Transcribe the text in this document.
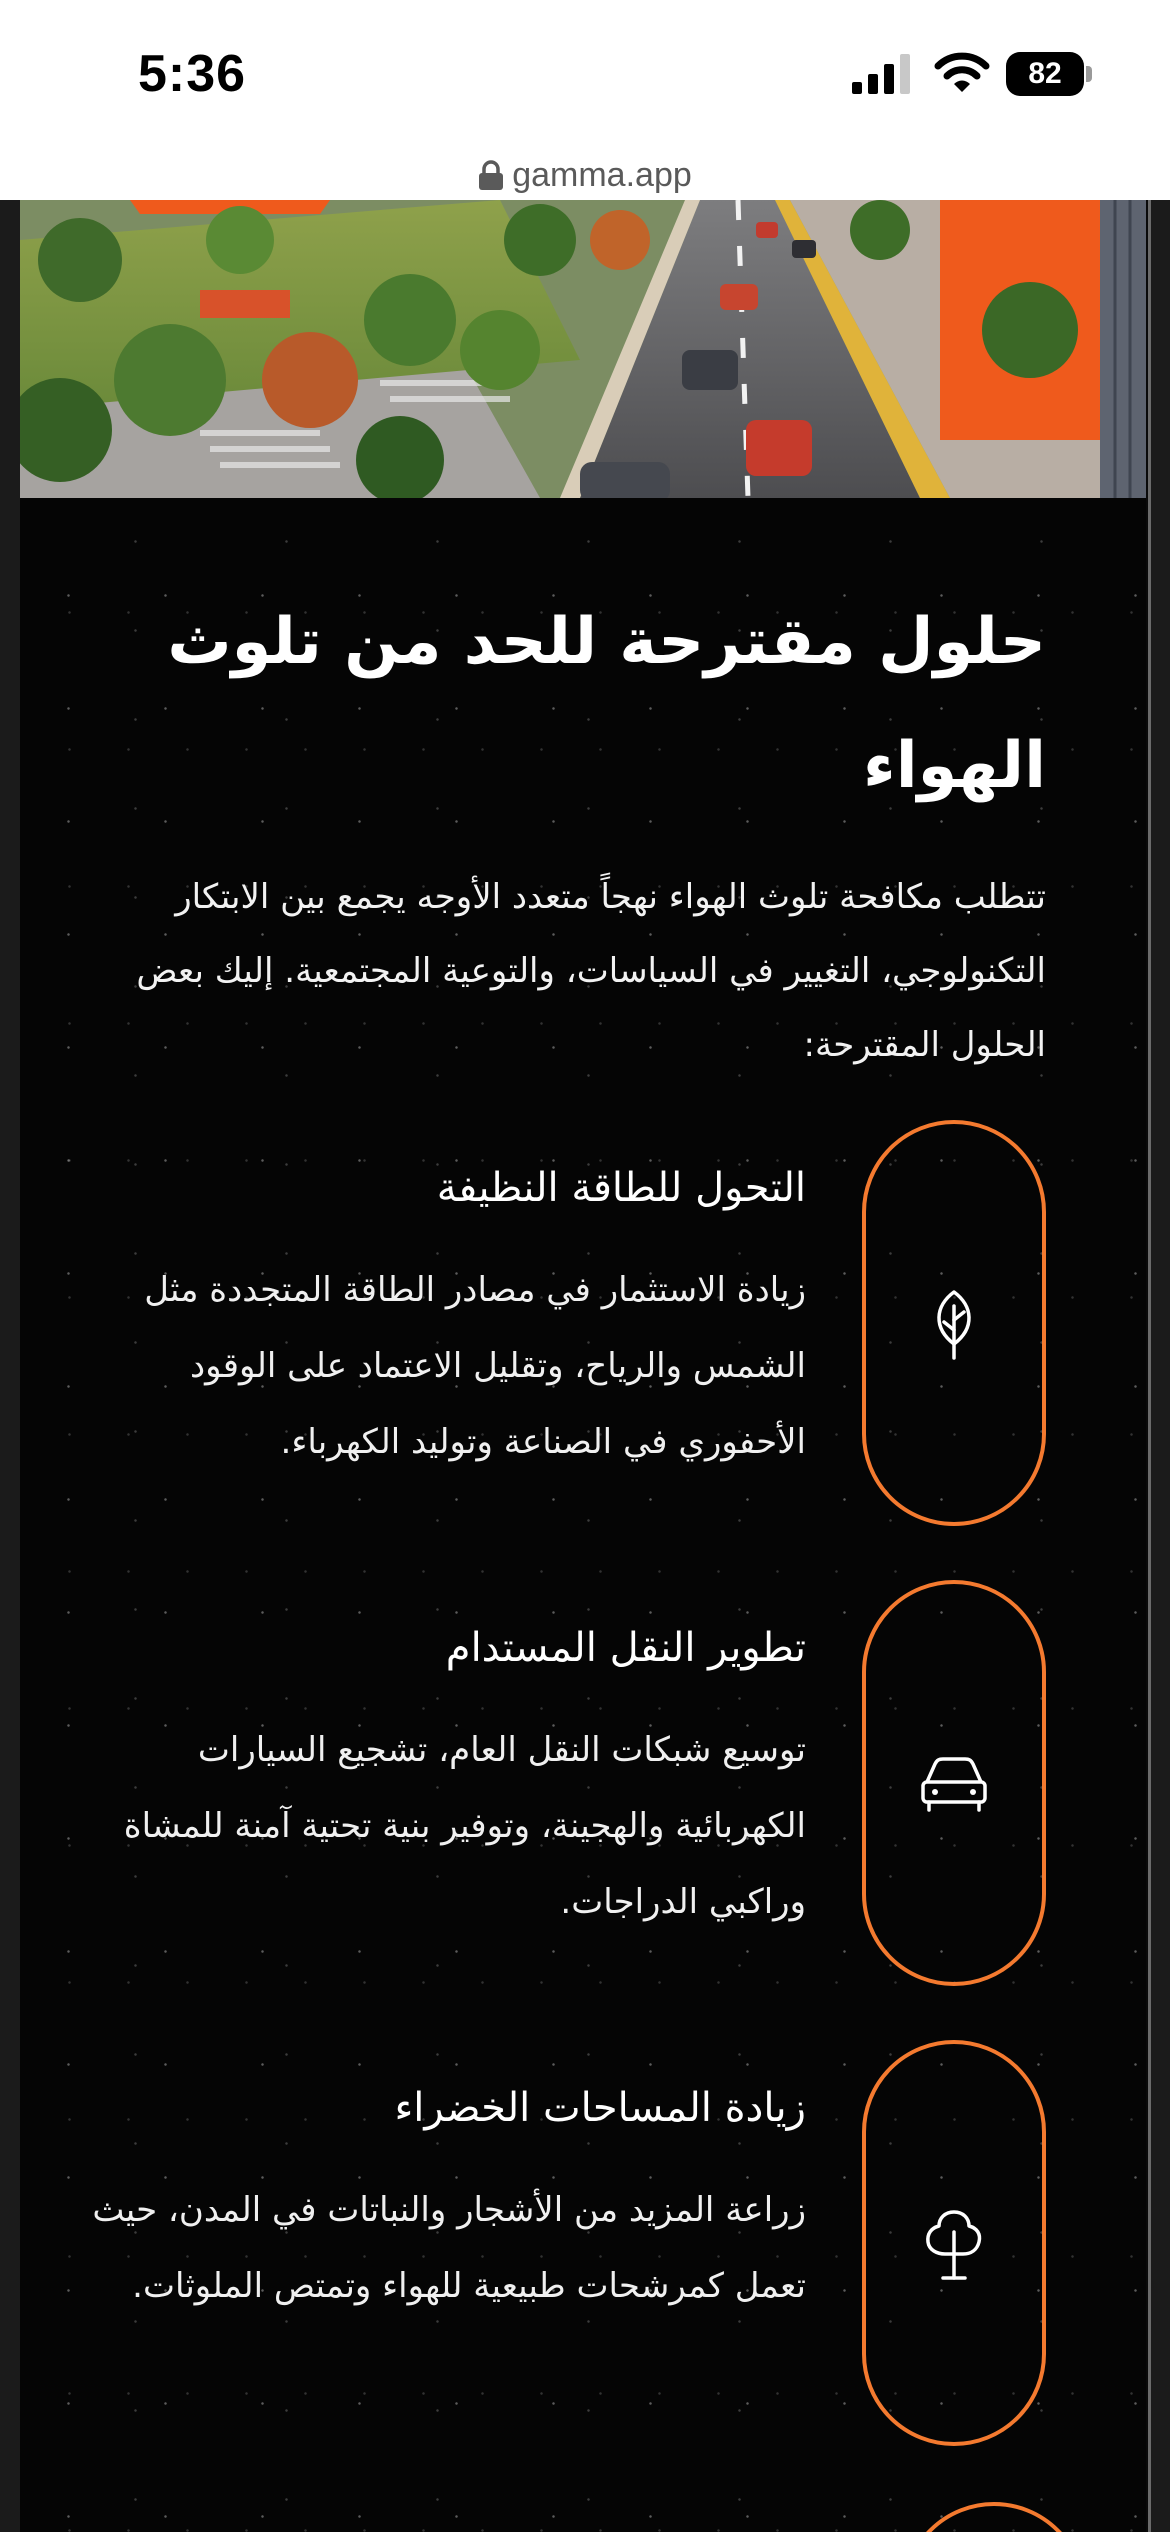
5:36	82
gamma.app
حلول مقترحة للحد من تلوث الهواء
تتطلب مكافحة تلوث الهواء نهجاً متعدد الأوجه يجمع بين الابتكار التكنولوجي، التغيير في السياسات، والتوعية المجتمعية. إليك بعض الحلول المقترحة:
التحول للطاقة النظيفة
زيادة الاستثمار في مصادر الطاقة المتجددة مثل الشمس والرياح، وتقليل الاعتماد على الوقود الأحفوري في الصناعة وتوليد الكهرباء.
تطوير النقل المستدام
توسيع شبكات النقل العام، تشجيع السيارات الكهربائية والهجينة، وتوفير بنية تحتية آمنة للمشاة وراكبي الدراجات.
زيادة المساحات الخضراء
زراعة المزيد من الأشجار والنباتات في المدن، حيث تعمل كمرشحات طبيعية للهواء وتمتص الملوثات.
